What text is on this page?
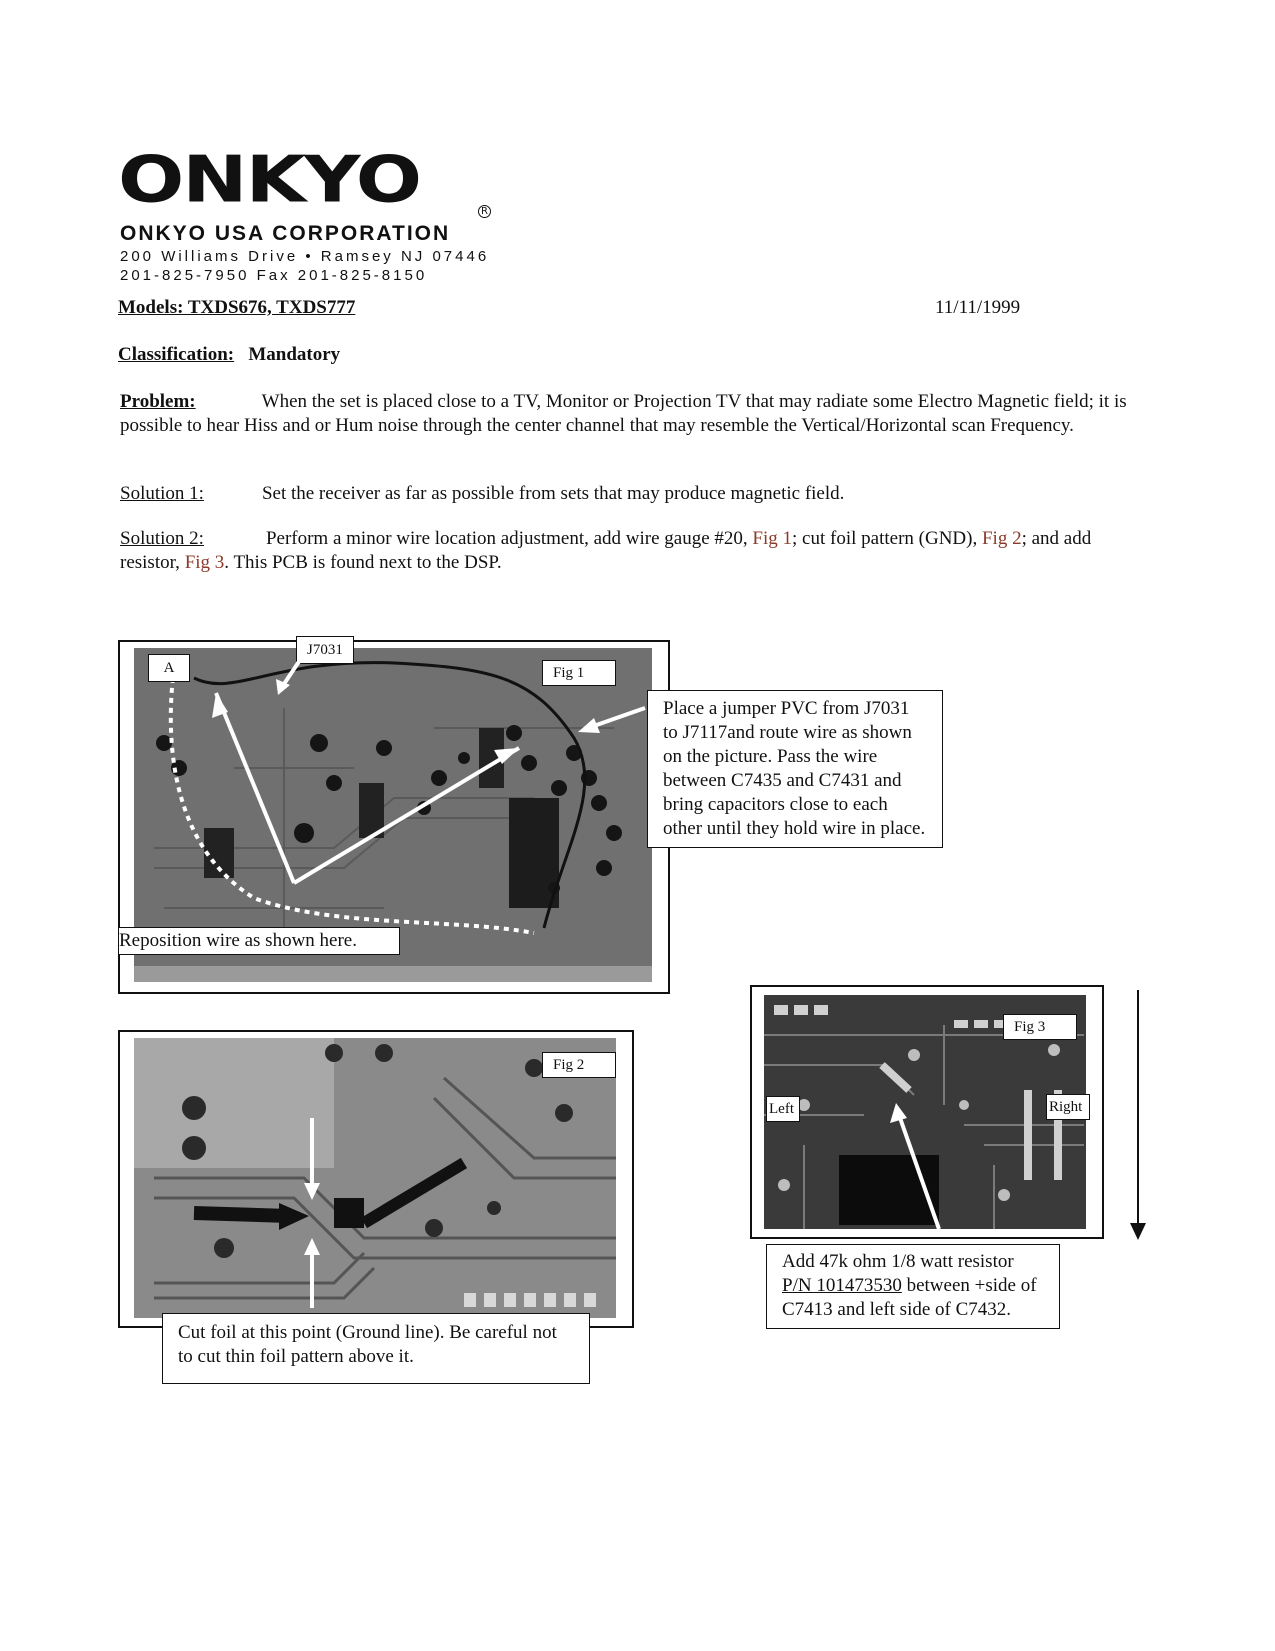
ONKYO	R
ONKYO USA CORPORATION
200 Williams Drive • Ramsey NJ 07446
201-825-7950 Fax 201-825-8150
Models: TXDS676, TXDS777	11/11/1999
Classification: Mandatory
Problem:	When the set is placed close to a TV, Monitor or Projection TV that may radiate some Electro Magnetic field; it is possible to hear Hiss and or Hum noise through the center channel that may resemble the Vertical/Horizontal scan Frequency.
Solution 1:	Set the receiver as far as possible from sets that may produce magnetic field.
Solution 2:	Perform a minor wire location adjustment, add wire gauge #20, Fig 1; cut foil pattern (GND), Fig 2; and add resistor, Fig 3. This PCB is found next to the DSP.
A
J7031
Fig 1
Place a jumper PVC from J7031 to J7117and route wire as shown on the picture. Pass the wire between C7435 and C7431 and bring capacitors close to each other until they hold wire in place.
Reposition wire as shown here.
Fig 2
Cut foil at this point (Ground line). Be careful not to cut thin foil pattern above it.
Fig 3
Left	Right
Add 47k ohm 1/8 watt resistor P/N 101473530 between +side of C7413 and left side of C7432.
